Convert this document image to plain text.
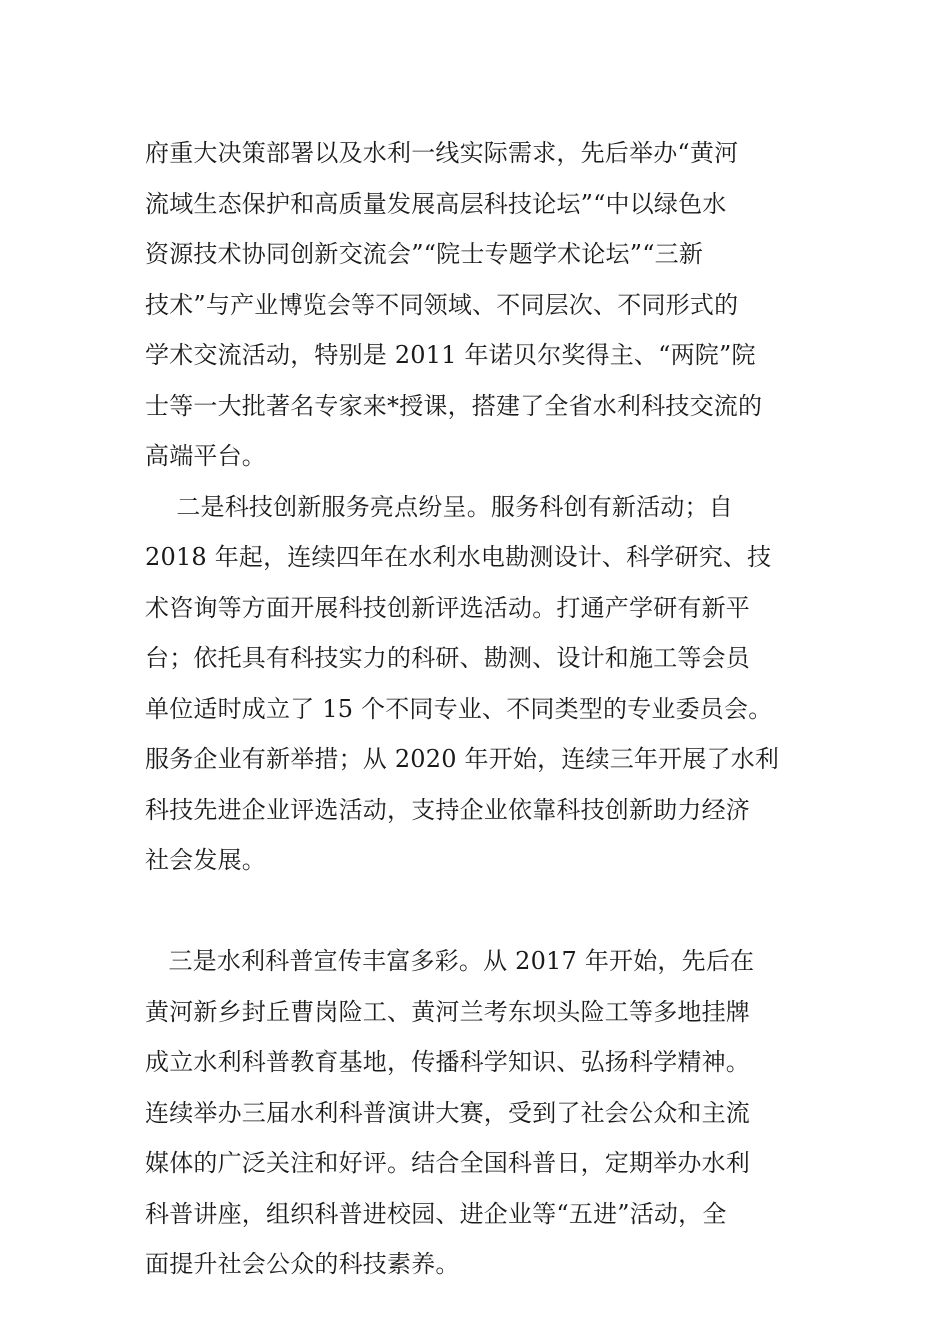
府重大决策部署以及水利一线实际需求，先后举办“黄河
流域生态保护和高质量发展高层科技论坛”“中以绿色水
资源技术协同创新交流会”“院士专题学术论坛”“三新
技术”与产业博览会等不同领域、不同层次、不同形式的
学术交流活动，特别是 2011 年诺贝尔奖得主、“两院”院
士等一大批著名专家来*授课，搭建了全省水利科技交流的
高端平台。
二是科技创新服务亮点纷呈。服务科创有新活动；自
2018 年起，连续四年在水利水电勘测设计、科学研究、技
术咨询等方面开展科技创新评选活动。打通产学研有新平
台；依托具有科技实力的科研、勘测、设计和施工等会员
单位适时成立了 15 个不同专业、不同类型的专业委员会。
服务企业有新举措；从 2020 年开始，连续三年开展了水利
科技先进企业评选活动，支持企业依靠科技创新助力经济
社会发展。
三是水利科普宣传丰富多彩。从 2017 年开始，先后在
黄河新乡封丘曹岗险工、黄河兰考东坝头险工等多地挂牌
成立水利科普教育基地，传播科学知识、弘扬科学精神。
连续举办三届水利科普演讲大赛，受到了社会公众和主流
媒体的广泛关注和好评。结合全国科普日，定期举办水利
科普讲座，组织科普进校园、进企业等“五进”活动，全
面提升社会公众的科技素养。
